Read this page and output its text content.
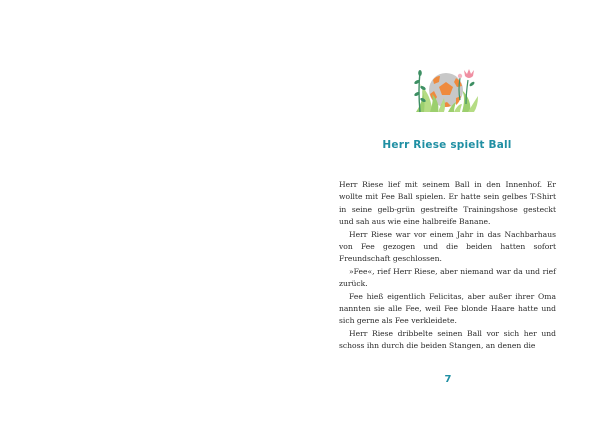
Herr Riese spielt Ball

Herr Riese lief mit seinem Ball in den Innenhof. Er wollte mit Fee Ball spielen. Er hatte sein gelbes T-Shirt in seine gelb-grün gestreifte Trainingshose gesteckt und sah aus wie eine halbreife Banane.

Herr Riese war vor einem Jahr in das Nachbarhaus von Fee gezogen und die beiden hatten sofort Freundschaft geschlossen.

»Fee«, rief Herr Riese, aber niemand war da und rief zurück.

Fee hieß eigentlich Felicitas, aber außer ihrer Oma nannten sie alle Fee, weil Fee blonde Haare hatte und sich gerne als Fee verkleidete.

Herr Riese dribbelte seinen Ball vor sich her und schoss ihn durch die beiden Stangen, an denen die

7
